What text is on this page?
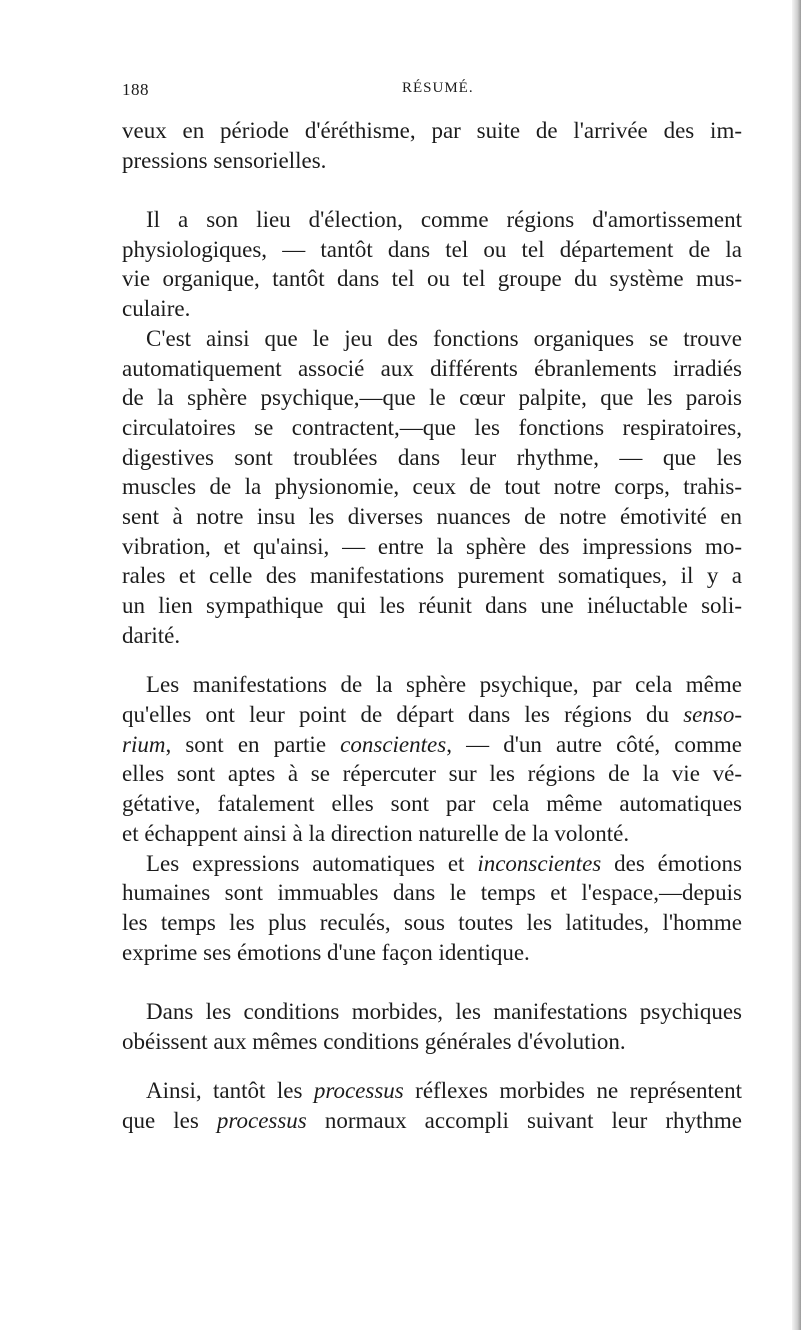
188	RÉSUMÉ.
veux en période d'éréthisme, par suite de l'arrivée des im-
pressions sensorielles.
Il a son lieu d'élection, comme régions d'amortissement
physiologiques, — tantôt dans tel ou tel département de la
vie organique, tantôt dans tel ou tel groupe du système mus-
culaire.
C'est ainsi que le jeu des fonctions organiques se trouve
automatiquement associé aux différents ébranlements irradiés
de la sphère psychique,—que le cœur palpite, que les parois
circulatoires se contractent,—que les fonctions respiratoires,
digestives sont troublées dans leur rhythme, — que les
muscles de la physionomie, ceux de tout notre corps, trahis-
sent à notre insu les diverses nuances de notre émotivité en
vibration, et qu'ainsi, — entre la sphère des impressions mo-
rales et celle des manifestations purement somatiques, il y a
un lien sympathique qui les réunit dans une inéluctable soli-
darité.
Les manifestations de la sphère psychique, par cela même
qu'elles ont leur point de départ dans les régions du senso-
rium, sont en partie conscientes, — d'un autre côté, comme
elles sont aptes à se répercuter sur les régions de la vie vé-
gétative, fatalement elles sont par cela même automatiques
et échappent ainsi à la direction naturelle de la volonté.
Les expressions automatiques et inconscientes des émotions
humaines sont immuables dans le temps et l'espace,—depuis
les temps les plus reculés, sous toutes les latitudes, l'homme
exprime ses émotions d'une façon identique.
Dans les conditions morbides, les manifestations psychiques
obéissent aux mêmes conditions générales d'évolution.
Ainsi, tantôt les processus réflexes morbides ne représentent
que les processus normaux accompli suivant leur rhythme
